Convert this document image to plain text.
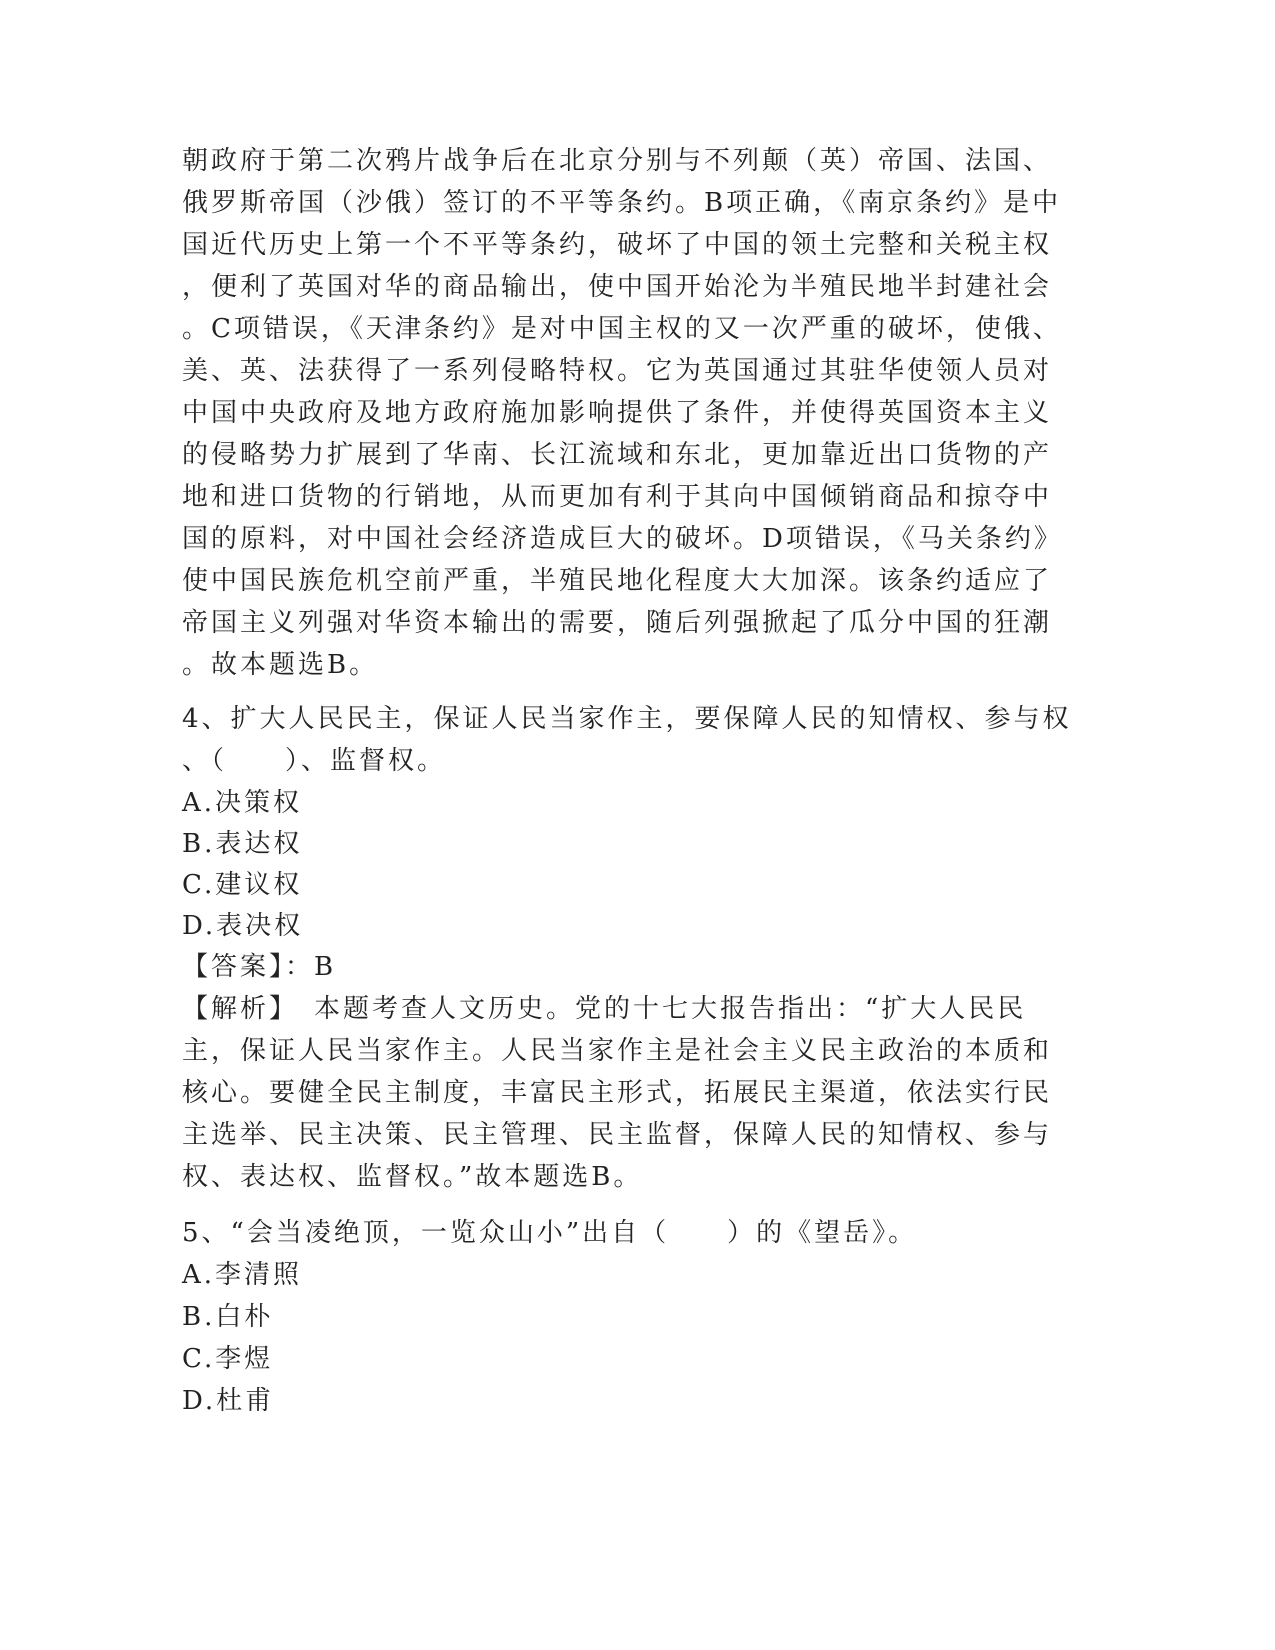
朝政府于第二次鸦片战争后在北京分别与不列颠（英）帝国、法国、
俄罗斯帝国（沙俄）签订的不平等条约。B项正确，《南京条约》是中
国近代历史上第一个不平等条约，破坏了中国的领土完整和关税主权
，便利了英国对华的商品输出，使中国开始沦为半殖民地半封建社会
。C项错误，《天津条约》是对中国主权的又一次严重的破坏，使俄、
美、英、法获得了一系列侵略特权。它为英国通过其驻华使领人员对
中国中央政府及地方政府施加影响提供了条件，并使得英国资本主义
的侵略势力扩展到了华南、长江流域和东北，更加靠近出口货物的产
地和进口货物的行销地，从而更加有利于其向中国倾销商品和掠夺中
国的原料，对中国社会经济造成巨大的破坏。D项错误，《马关条约》
使中国民族危机空前严重，半殖民地化程度大大加深。该条约适应了
帝国主义列强对华资本输出的需要，随后列强掀起了瓜分中国的狂潮
。故本题选B。
4、扩大人民民主，保证人民当家作主，要保障人民的知情权、参与权
、（　　）、监督权。
A.决策权
B.表达权
C.建议权
D.表决权
【答案】：B
【解析】　本题考查人文历史。党的十七大报告指出：“扩大人民民
主，保证人民当家作主。人民当家作主是社会主义民主政治的本质和
核心。要健全民主制度，丰富民主形式，拓展民主渠道，依法实行民
主选举、民主决策、民主管理、民主监督，保障人民的知情权、参与
权、表达权、监督权。”故本题选B。
5、“会当凌绝顶，一览众山小”出自（　　）的《望岳》。
A.李清照
B.白朴
C.李煜
D.杜甫
